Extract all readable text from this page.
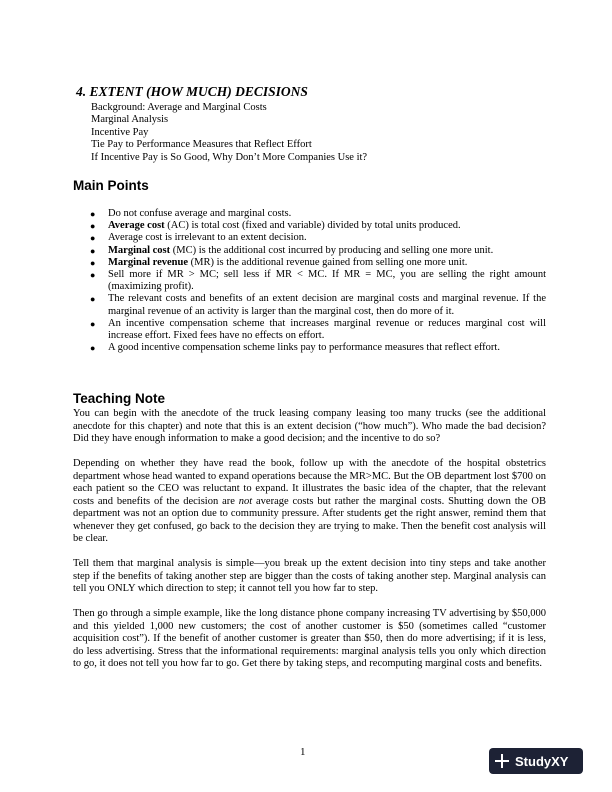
4. EXTENT (HOW MUCH) DECISIONS
Background: Average and Marginal Costs
Marginal Analysis
Incentive Pay
Tie Pay to Performance Measures that Reflect Effort
If Incentive Pay is So Good, Why Don’t More Companies Use it?
Main Points
● Do not confuse average and marginal costs.
● Average cost (AC) is total cost (fixed and variable) divided by total units produced.
● Average cost is irrelevant to an extent decision.
● Marginal cost (MC) is the additional cost incurred by producing and selling one more unit.
● Marginal revenue (MR) is the additional revenue gained from selling one more unit.
● Sell more if MR > MC; sell less if MR < MC. If MR = MC, you are selling the right amount (maximizing profit).
● The relevant costs and benefits of an extent decision are marginal costs and marginal revenue. If the marginal revenue of an activity is larger than the marginal cost, then do more of it.
● An incentive compensation scheme that increases marginal revenue or reduces marginal cost will increase effort. Fixed fees have no effects on effort.
● A good incentive compensation scheme links pay to performance measures that reflect effort.
Teaching Note

You can begin with the anecdote of the truck leasing company leasing too many trucks (see the additional anecdote for this chapter) and note that this is an extent decision (“how much”). Who made the bad decision? Did they have enough information to make a good decision; and the incentive to do so?

Depending on whether they have read the book, follow up with the anecdote of the hospital obstetrics department whose head wanted to expand operations because the MR>MC. But the OB department lost $700 on each patient so the CEO was reluctant to expand. It illustrates the basic idea of the chapter, that the relevant costs and benefits of the decision are not average costs but rather the marginal costs. Shutting down the OB department was not an option due to community pressure. After students get the right answer, remind them that whenever they get confused, go back to the decision they are trying to make. Then the benefit cost analysis will be clear.

Tell them that marginal analysis is simple—you break up the extent decision into tiny steps and take another step if the benefits of taking another step are bigger than the costs of taking another step. Marginal analysis can tell you ONLY which direction to step; it cannot tell you how far to step.

Then go through a simple example, like the long distance phone company increasing TV advertising by $50,000 and this yielded 1,000 new customers; the cost of another customer is $50 (sometimes called “customer acquisition cost”). If the benefit of another customer is greater than $50, then do more advertising; if it is less, do less advertising. Stress that the informational requirements: marginal analysis tells you only which direction to go, it does not tell you how far to go. Get there by taking steps, and recomputing marginal costs and benefits.

1
StudyXY
